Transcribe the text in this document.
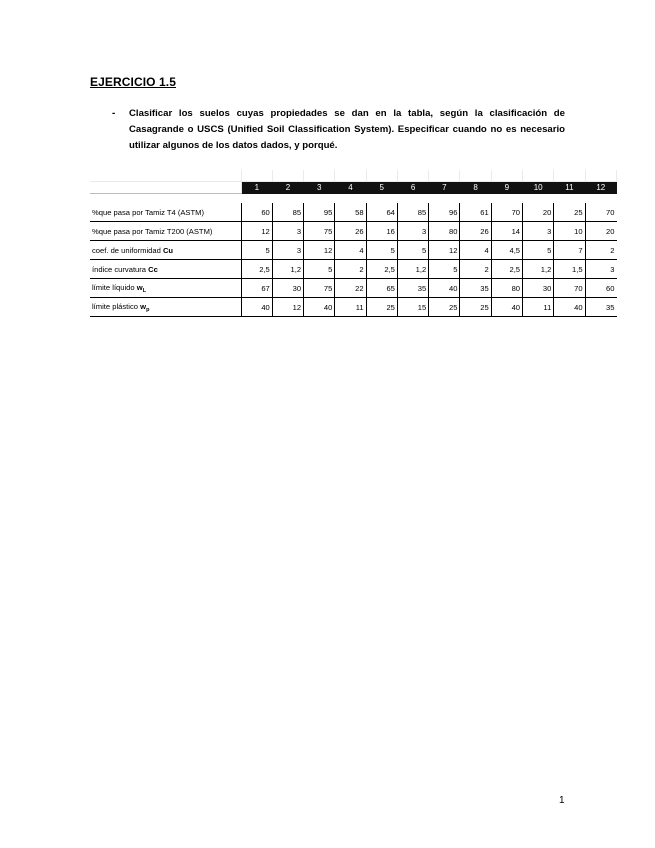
EJERCICIO 1.5
- Clasificar los suelos cuyas propiedades se dan en la tabla, según la clasificación de Casagrande o USCS (Unified Soil Classification System). Especificar cuando no es necesario utilizar algunos de los datos dados, y porqué.

	1	2	3	4	5	6	7	8	9	10	11	12

%que pasa por Tamiz T4 (ASTM)	60	85	95	58	64	85	96	61	70	20	25	70
%que pasa por Tamiz T200 (ASTM)	12	3	75	26	16	3	80	26	14	3	10	20
coef. de uniformidad Cu	5	3	12	4	5	5	12	4	4,5	5	7	2
índice curvatura Cc	2,5	1,2	5	2	2,5	1,2	5	2	2,5	1,2	1,5	3
límite líquido $w_L$	67	30	75	22	65	35	40	35	80	30	70	60
límite plástico $w_p$	40	12	40	11	25	15	25	25	40	11	40	35
1
